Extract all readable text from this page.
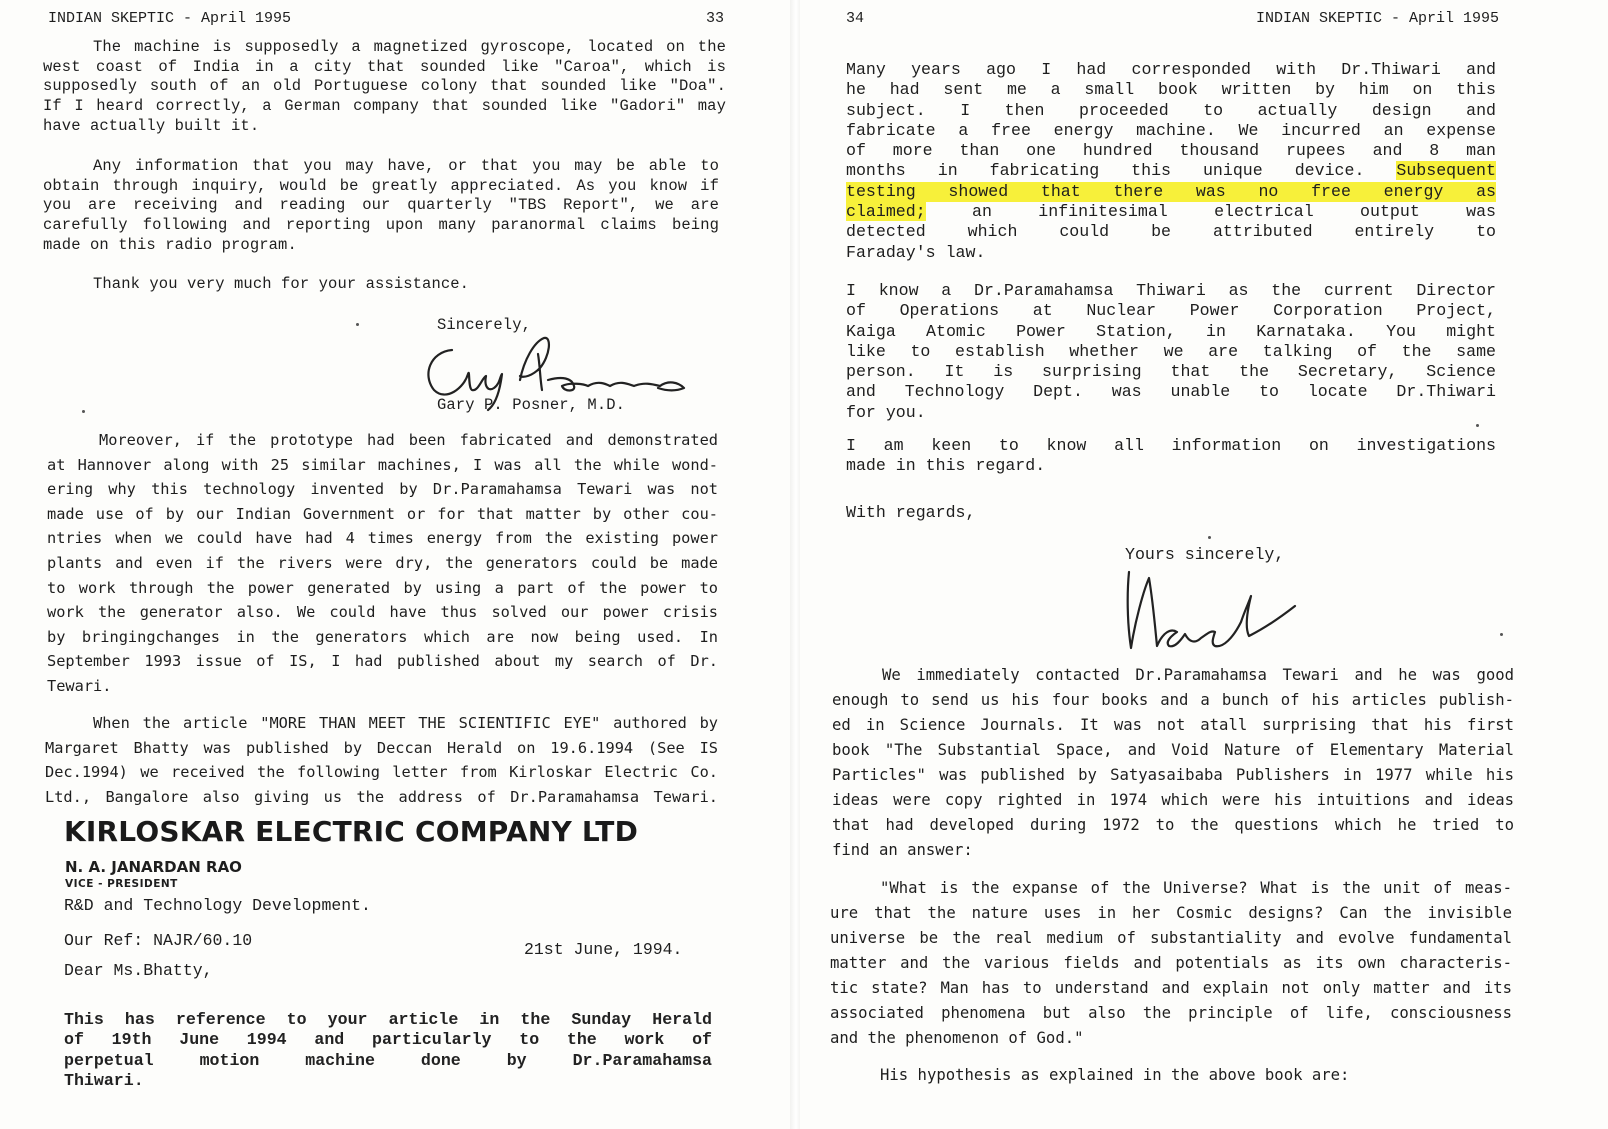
INDIAN SKEPTIC - April 1995	33
The machine is supposedly a magnetized gyroscope, located on the
west coast of India in a city that sounded like "Caroa", which is
supposedly south of an old Portuguese colony that sounded like "Doa".
If I heard correctly, a German company that sounded like "Gadori" may
have actually built it.
Any information that you may have, or that you may be able to
obtain through inquiry, would be greatly appreciated. As you know if
you are receiving and reading our quarterly "TBS Report", we are
carefully following and reporting upon many paranormal claims being
made on this radio program.
Thank you very much for your assistance.
Sincerely,
Gary P. Posner, M.D.
Moreover, if the prototype had been fabricated and demonstrated
at Hannover along with 25 similar machines, I was all the while wond-
ering why this technology invented by Dr.Paramahamsa Tewari was not
made use of by our Indian Government or for that matter by other cou-
ntries when we could have had 4 times energy from the existing power
plants and even if the rivers were dry, the generators could be made
to work through the power generated by using a part of the power to
work the generator also. We could have thus solved our power crisis
by bringingchanges in the generators which are now being used. In
September 1993 issue of IS, I had published about my search of Dr.
Tewari.
When the article "MORE THAN MEET THE SCIENTIFIC EYE" authored by
Margaret Bhatty was published by Deccan Herald on 19.6.1994 (See IS
Dec.1994) we received the following letter from Kirloskar Electric Co.
Ltd., Bangalore also giving us the address of Dr.Paramahamsa Tewari.
KIRLOSKAR ELECTRIC COMPANY LTD
N. A. JANARDAN RAO
VICE - PRESIDENT
R&D and Technology Development.
Our Ref: NAJR/60.10	21st June, 1994.
Dear Ms.Bhatty,
This has reference to your article in the Sunday Herald
of 19th June 1994 and particularly to the work of
perpetual motion machine done by Dr.Paramahamsa
Thiwari.
34	INDIAN SKEPTIC - April 1995
Many years ago I had corresponded with Dr.Thiwari and
he had sent me a small book written by him on this
subject. I then proceeded to actually design and
fabricate a free energy machine. We incurred an expense
of more than one hundred thousand rupees and 8 man
months in fabricating this unique device. Subsequent
testing showed that there was no free energy as
claimed;	an infinitesimal electrical output was
detected which could be attributed entirely to
Faraday's law.
I know a Dr.Paramahamsa Thiwari as the current Director
of Operations at Nuclear Power Corporation Project,
Kaiga Atomic Power Station, in Karnataka. You might
like to establish whether we are talking of the same
person. It is surprising that the Secretary, Science
and Technology Dept. was unable to locate Dr.Thiwari
for you.
I am keen to know all information on investigations
made in this regard.
With regards,
Yours sincerely,
We immediately contacted Dr.Paramahamsa Tewari and he was good
enough to send us his four books and a bunch of his articles publish-
ed in Science Journals. It was not atall surprising that his first
book "The Substantial Space, and Void Nature of Elementary Material
Particles" was published by Satyasaibaba Publishers in 1977 while his
ideas were copy righted in 1974 which were his intuitions and ideas
that had developed during 1972 to the questions which he tried to
find an answer:
"What is the expanse of the Universe? What is the unit of meas-
ure that the nature uses in her Cosmic designs? Can the invisible
universe be the real medium of substantiality and evolve fundamental
matter and the various fields and potentials as its own characteris-
tic state? Man has to understand and explain not only matter and its
associated phenomena but also the principle of life, consciousness
and the phenomenon of God."
His hypothesis as explained in the above book are:
